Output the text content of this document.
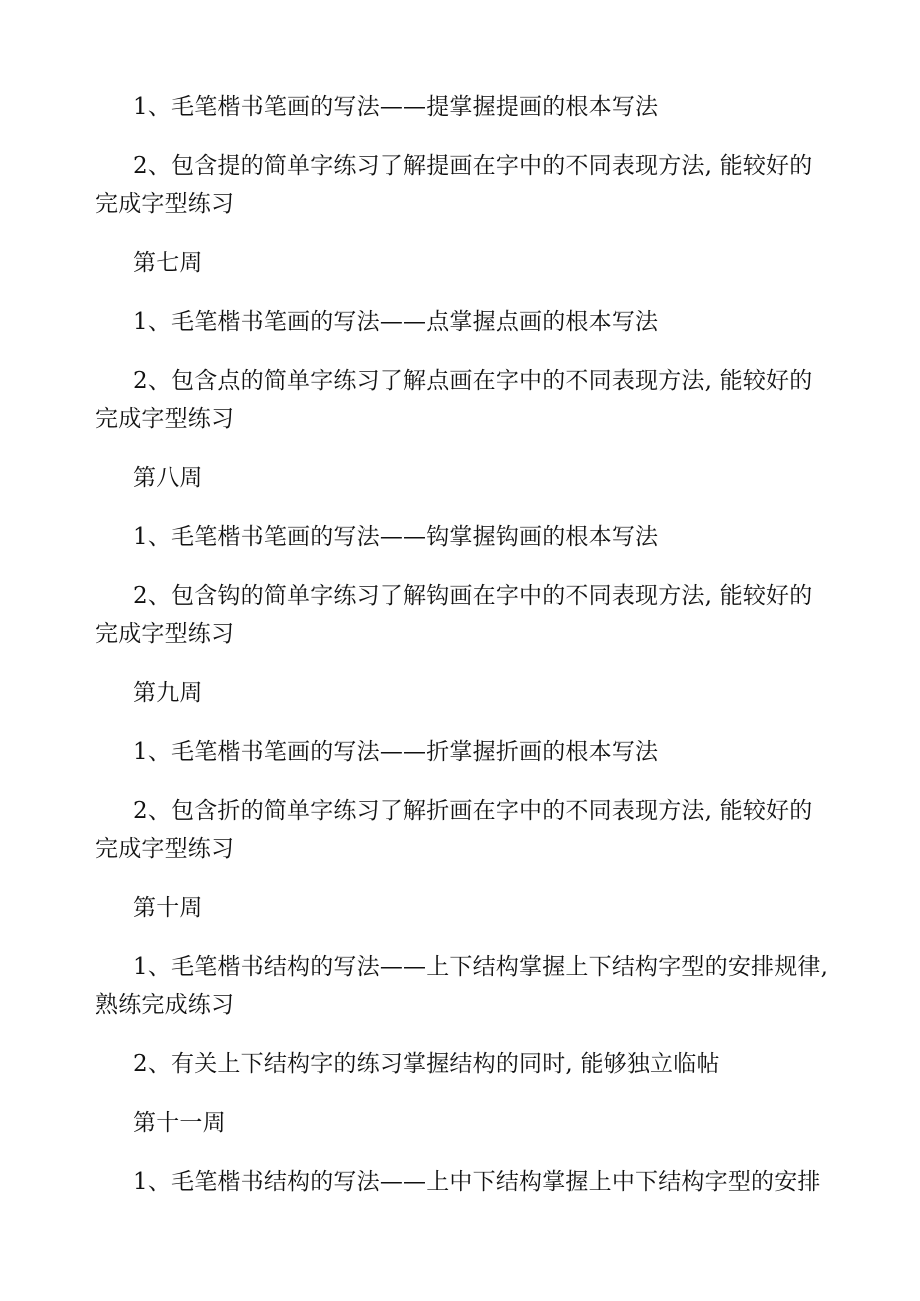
1、毛笔楷书笔画的写法——提掌握提画的根本写法

2、包含提的简单字练习了解提画在字中的不同表现方法, 能较好的完成字型练习

第七周

1、毛笔楷书笔画的写法——点掌握点画的根本写法

2、包含点的简单字练习了解点画在字中的不同表现方法, 能较好的完成字型练习

第八周

1、毛笔楷书笔画的写法——钩掌握钩画的根本写法

2、包含钩的简单字练习了解钩画在字中的不同表现方法, 能较好的完成字型练习

第九周

1、毛笔楷书笔画的写法——折掌握折画的根本写法

2、包含折的简单字练习了解折画在字中的不同表现方法, 能较好的完成字型练习

第十周

1、毛笔楷书结构的写法——上下结构掌握上下结构字型的安排规律, 熟练完成练习

2、有关上下结构字的练习掌握结构的同时, 能够独立临帖

第十一周

1、毛笔楷书结构的写法——上中下结构掌握上中下结构字型的安排
